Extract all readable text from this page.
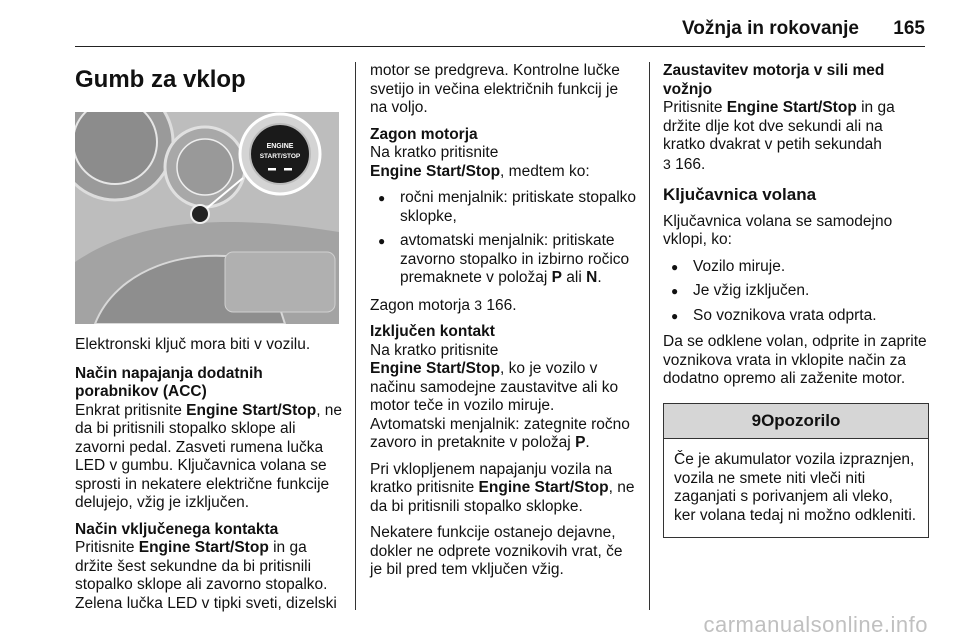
Vožnja in rokovanje 165
Gumb za vklop
ENGINE
START/STOP

Elektronski ključ mora biti v vozilu.

Način napajanja dodatnih porabnikov (ACC)

Enkrat pritisnite Engine Start/Stop, ne da bi pritisnili stopalko sklope ali zavorni pedal. Zasveti rumena lučka LED v gumbu. Ključavnica volana se sprosti in nekatere električne funkcije delujejo, vžig je izključen.

Način vključenega kontakta

Pritisnite Engine Start/Stop in ga držite šest sekundne da bi pritisnili stopalko sklope ali zavorno stopalko. Zelena lučka LED v tipki sveti, dizelski

motor se predgreva. Kontrolne lučke svetijo in večina električnih funkcij je na voljo.

Zagon motorja

Na kratko pritisnite
Engine Start/Stop, medtem ko:

● ročni menjalnik: pritiskate stopalko sklopke,
● avtomatski menjalnik: pritiskate zavorno stopalko in izbirno ročico premaknete v položaj P ali N.

Zagon motorja 3 166.

Izključen kontakt

Na kratko pritisnite
Engine Start/Stop, ko je vozilo v načinu samodejne zaustavitve ali ko motor teče in vozilo miruje.
Avtomatski menjalnik: zategnite ročno zavoro in pretaknite v položaj P.

Pri vklopljenem napajanju vozila na kratko pritisnite Engine Start/Stop, ne da bi pritisnili stopalko sklopke.

Nekatere funkcije ostanejo dejavne, dokler ne odprete voznikovih vrat, če je bil pred tem vključen vžig.

Zaustavitev motorja v sili med vožnjo

Pritisnite Engine Start/Stop in ga držite dlje kot dve sekundi ali na kratko dvakrat v petih sekundah
3 166.

Ključavnica volana

Ključavnica volana se samodejno vklopi, ko:

● Vozilo miruje.
● Je vžig izključen.
● So voznikova vrata odprta.

Da se odklene volan, odprite in zaprite voznikova vrata in vklopite način za dodatno opremo ali zaženite motor.

9Opozorilo
Če je akumulator vozila izpraznjen, vozila ne smete niti vleči niti zaganjati s porivanjem ali vleko, ker volana tedaj ni možno odkleniti.
carmanualsonline.info
